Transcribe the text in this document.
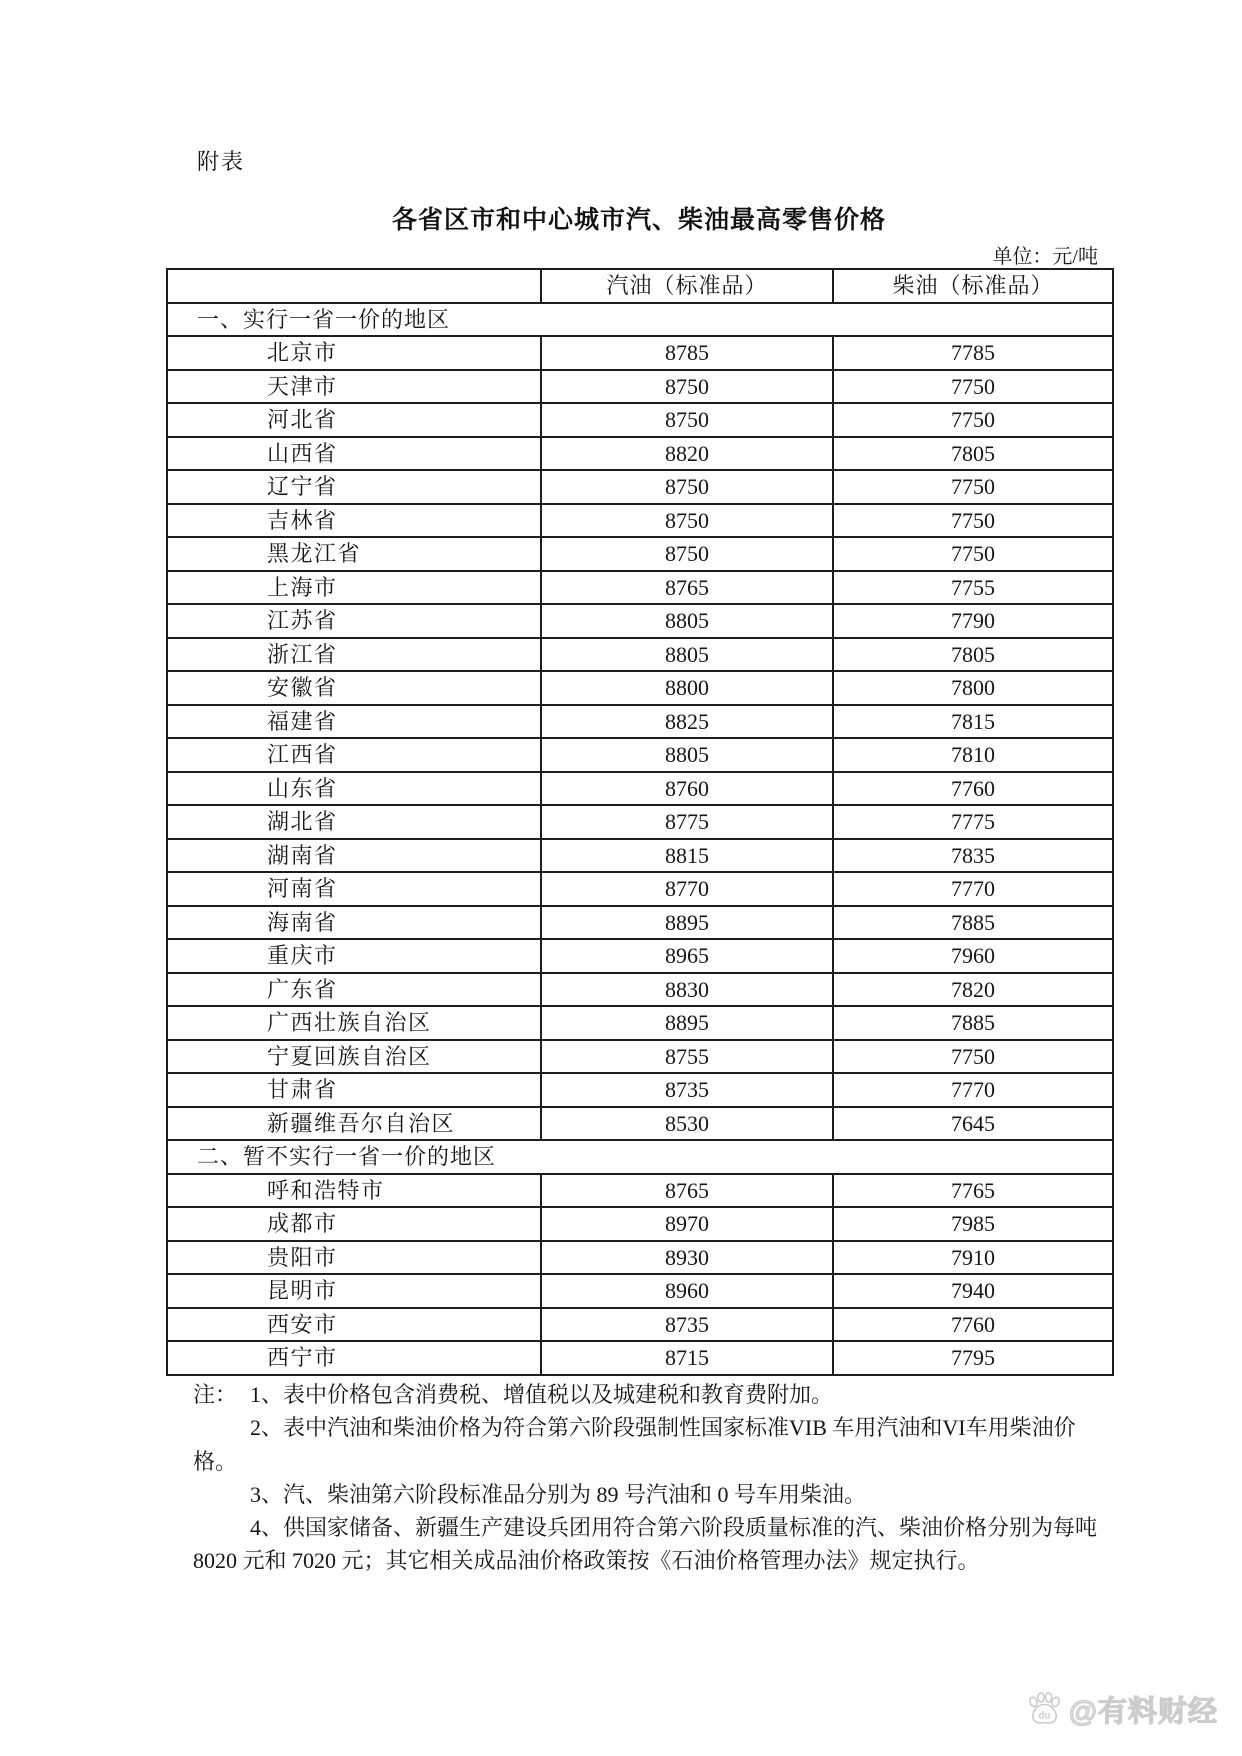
附表
各省区市和中心城市汽、柴油最高零售价格
单位：元/吨
	汽油（标准品）	柴油（标准品）
一、实行一省一价的地区		
北京市	8785	7785
天津市	8750	7750
河北省	8750	7750
山西省	8820	7805
辽宁省	8750	7750
吉林省	8750	7750
黑龙江省	8750	7750
上海市	8765	7755
江苏省	8805	7790
浙江省	8805	7805
安徽省	8800	7800
福建省	8825	7815
江西省	8805	7810
山东省	8760	7760
湖北省	8775	7775
湖南省	8815	7835
河南省	8770	7770
海南省	8895	7885
重庆市	8965	7960
广东省	8830	7820
广西壮族自治区	8895	7885
宁夏回族自治区	8755	7750
甘肃省	8735	7770
新疆维吾尔自治区	8530	7645
二、暂不实行一省一价的地区		
呼和浩特市	8765	7765
成都市	8970	7985
贵阳市	8930	7910
昆明市	8960	7940
西安市	8735	7760
西宁市	8715	7795

注： 1、表中价格包含消费税、增值税以及城建税和教育费附加。

2、表中汽油和柴油价格为符合第六阶段强制性国家标准VIB 车用汽油和VI车用柴油价格。

3、汽、柴油第六阶段标准品分别为 89 号汽油和 0 号车用柴油。

4、供国家储备、新疆生产建设兵团用符合第六阶段质量标准的汽、柴油价格分别为每吨 8020 元和 7020 元；其它相关成品油价格政策按《石油价格管理办法》规定执行。

du @有料财经
